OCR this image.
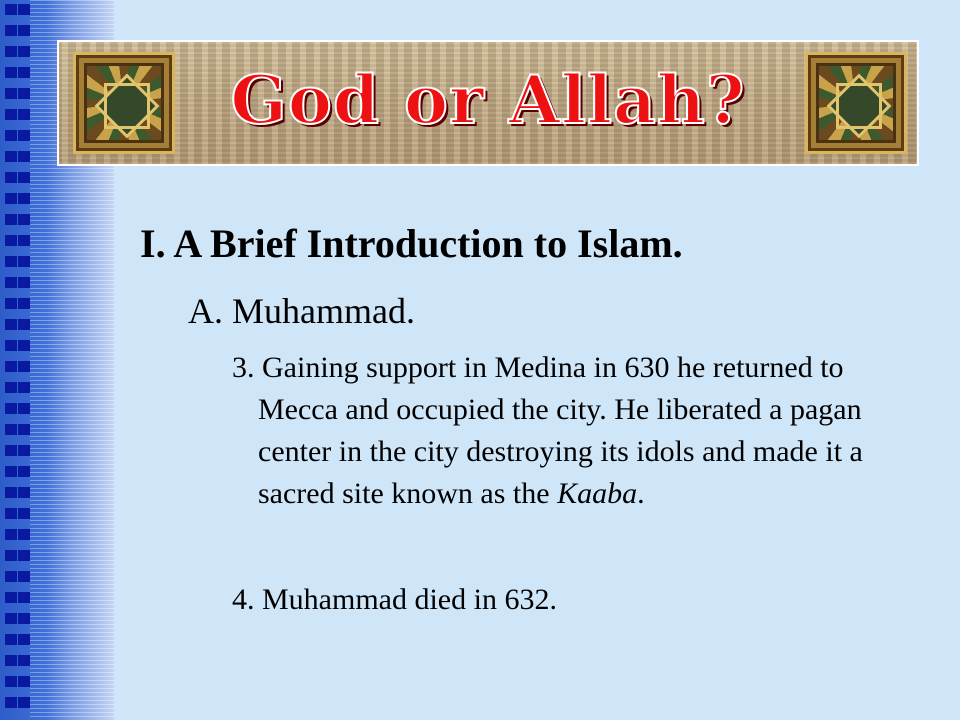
God or Allah?
I. A Brief Introduction to Islam.
A. Muhammad.
3. Gaining support in Medina in 630 he returned to Mecca and occupied the city. He liberated a pagan center in the city destroying its idols and made it a sacred site known as the Kaaba.
4. Muhammad died in 632.
